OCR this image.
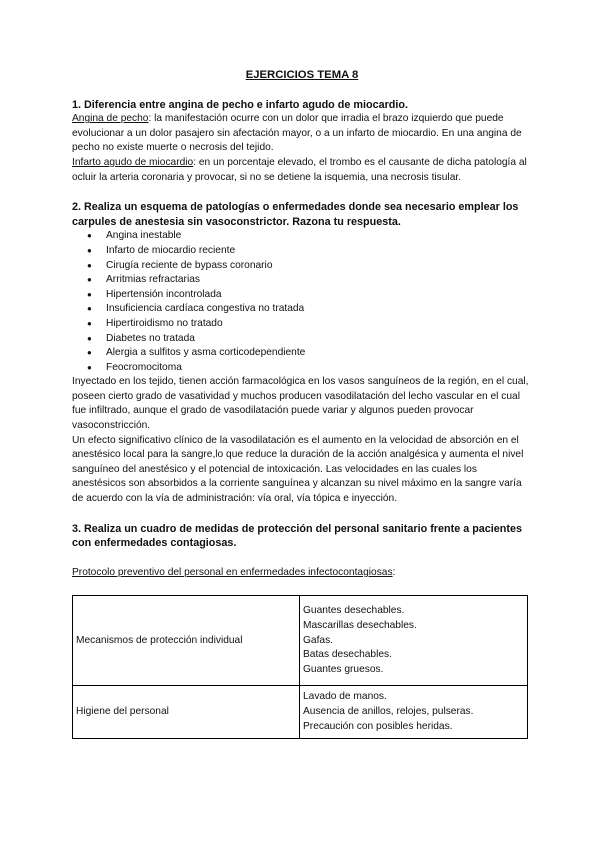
EJERCICIOS TEMA 8

1. Diferencia entre angina de pecho e infarto agudo de miocardio.

Angina de pecho: la manifestación ocurre con un dolor que irradia el brazo izquierdo que puede evolucionar a un dolor pasajero sin afectación mayor, o a un infarto de miocardio. En una angina de pecho no existe muerte o necrosis del tejido.

Infarto agudo de miocardio: en un porcentaje elevado, el trombo es el causante de dicha patología al ocluir la arteria coronaria y provocar, si no se detiene la isquemia, una necrosis tisular.

2. Realiza un esquema de patologías o enfermedades donde sea necesario emplear los carpules de anestesia sin vasoconstrictor. Razona tu respuesta.

● Angina inestable
● Infarto de miocardio reciente
● Cirugía reciente de bypass coronario
● Arritmias refractarias
● Hipertensión incontrolada
● Insuficiencia cardíaca congestiva no tratada
● Hipertiroidismo no tratado
● Diabetes no tratada
● Alergia a sulfitos y asma corticodependiente
● Feocromocitoma

Inyectado en los tejido, tienen acción farmacológica en los vasos sanguíneos de la región, en el cual, poseen cierto grado de vasatividad y muchos producen vasodilatación del lecho vascular en el cual fue infiltrado, aunque el grado de vasodilatación puede variar y algunos pueden provocar vasoconstricción.

Un efecto significativo clínico de la vasodilatación es el aumento en la velocidad de absorción en el anestésico local para la sangre,lo que reduce la duración de la acción analgésica y aumenta el nivel sanguíneo del anestésico y el potencial de intoxicación. Las velocidades en las cuales los anestésicos son absorbidos a la corriente sanguínea y alcanzan su nivel máximo en la sangre varía de acuerdo con la vía de administración: vía oral, vía tópica e inyección.

3. Realiza un cuadro de medidas de protección del personal sanitario frente a pacientes con enfermedades contagiosas.

Protocolo preventivo del personal en enfermedades infectocontagiosas:

Mecanismos de protección individual	Guantes desechables.
Mascarillas desechables.
Gafas.
Batas desechables.
Guantes gruesos.

Higiene del personal	Lavado de manos.
Ausencia de anillos, relojes, pulseras.
Precaución con posibles heridas.
